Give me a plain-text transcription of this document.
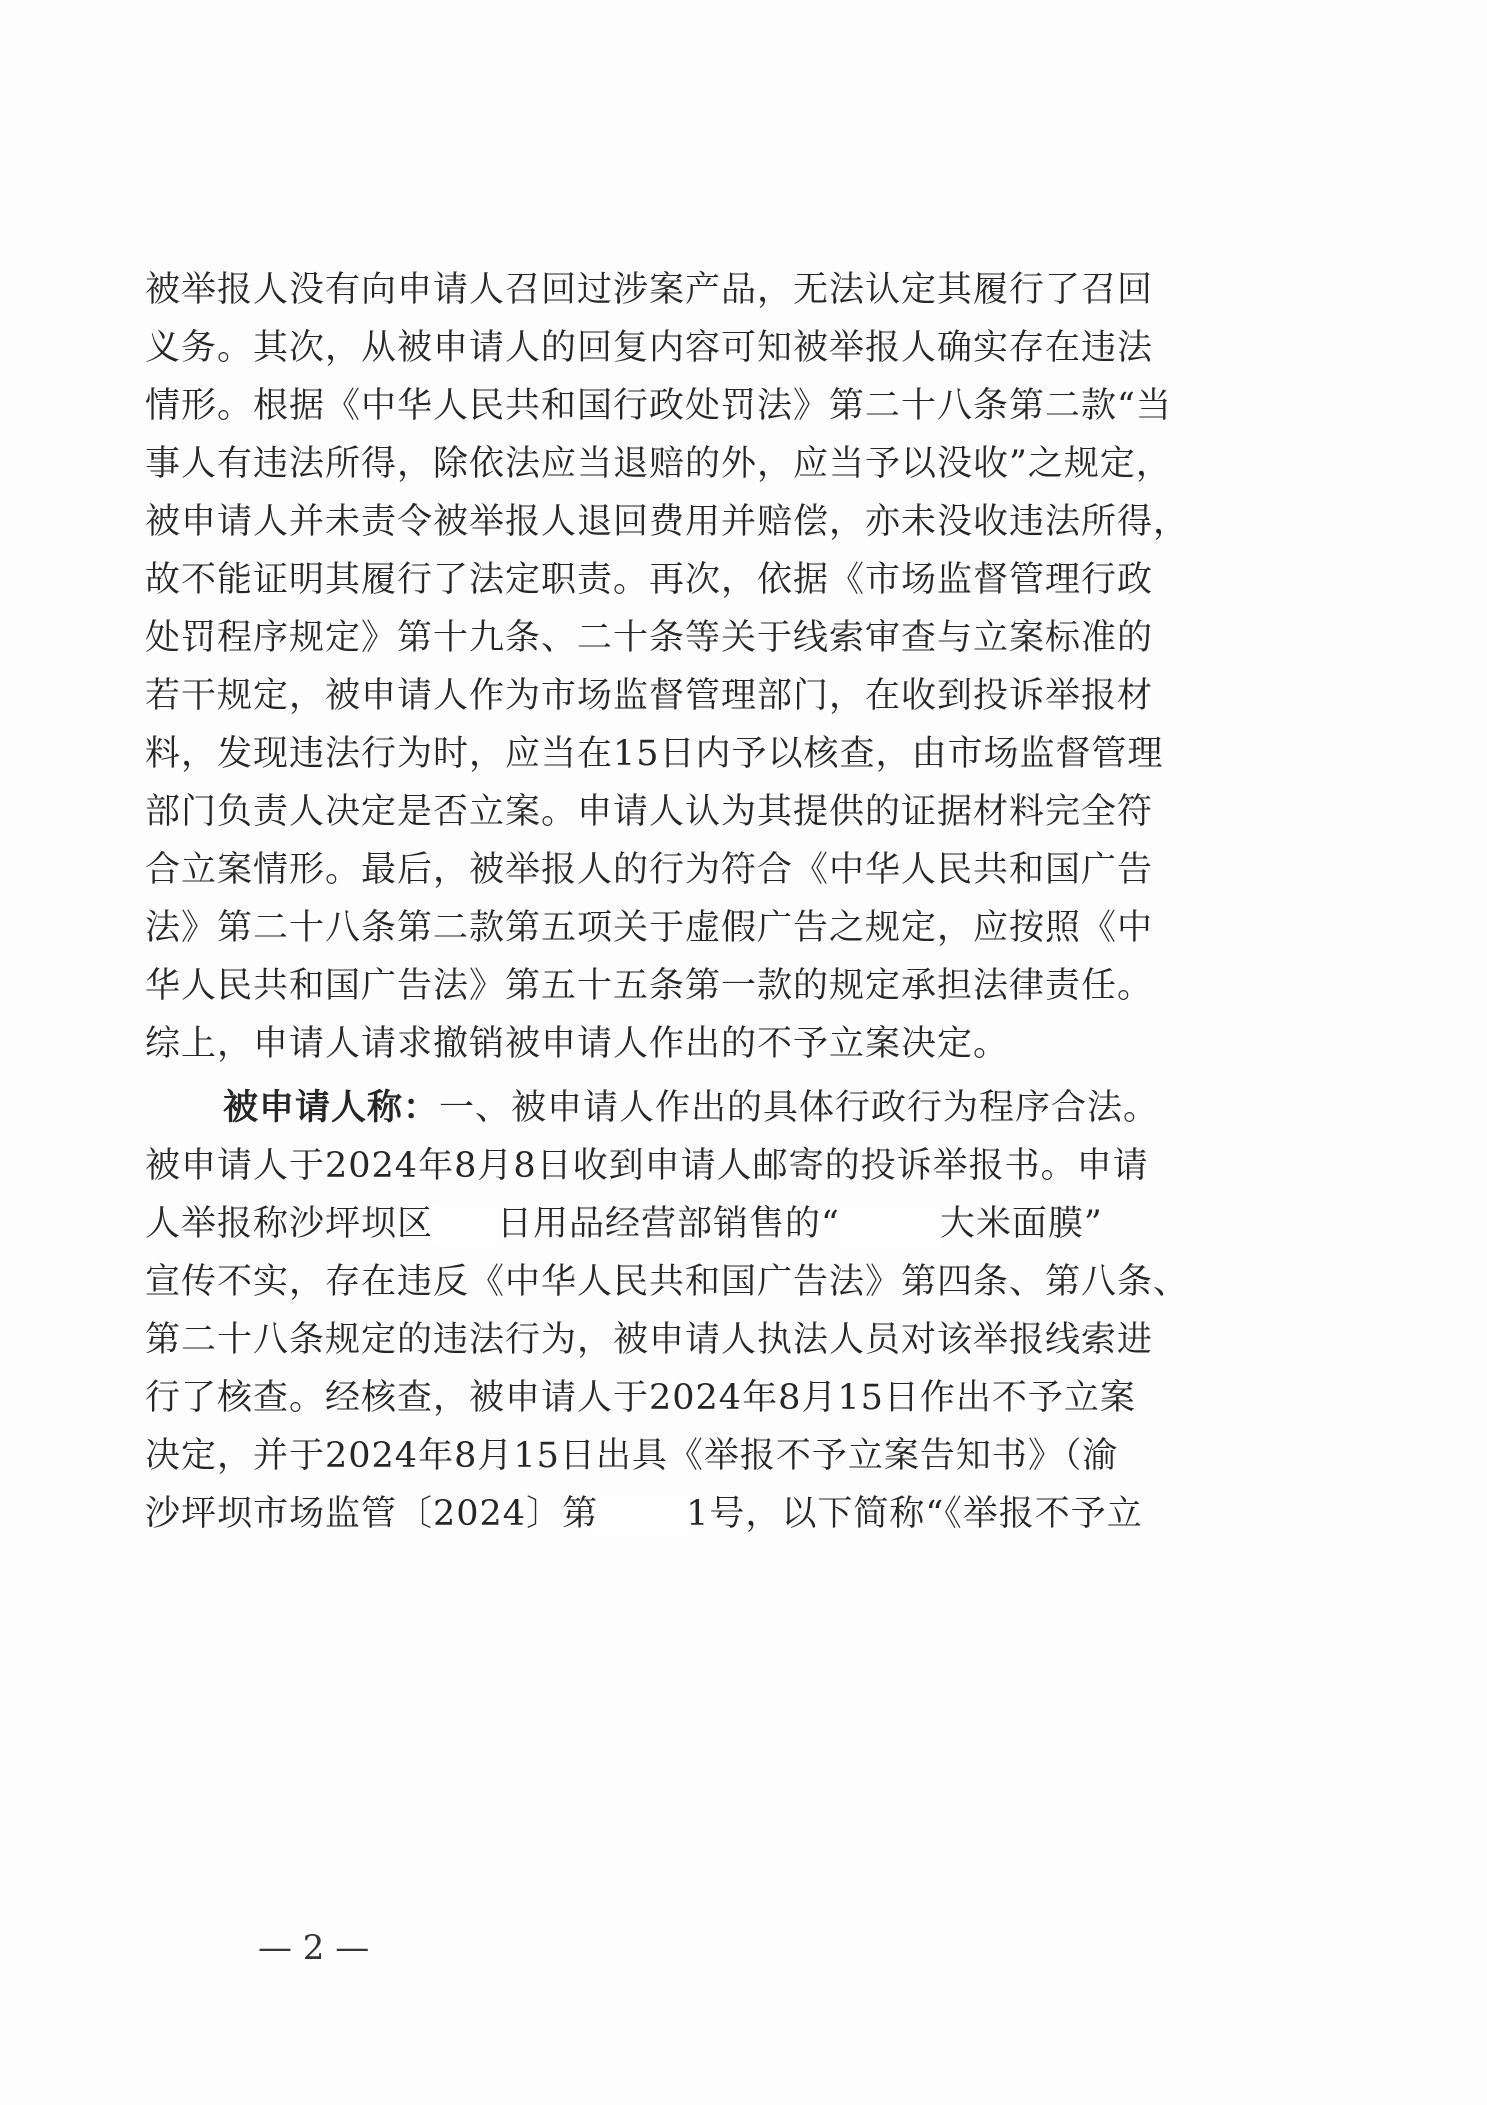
被举报人没有向申请人召回过涉案产品，无法认定其履行了召回
义务。其次，从被申请人的回复内容可知被举报人确实存在违法
情形。根据《中华人民共和国行政处罚法》第二十八条第二款“当
事人有违法所得，除依法应当退赔的外，应当予以没收”之规定，
被申请人并未责令被举报人退回费用并赔偿，亦未没收违法所得，
故不能证明其履行了法定职责。再次，依据《市场监督管理行政
处罚程序规定》第十九条、二十条等关于线索审查与立案标准的
若干规定，被申请人作为市场监督管理部门，在收到投诉举报材
料，发现违法行为时，应当在15日内予以核查，由市场监督管理
部门负责人决定是否立案。申请人认为其提供的证据材料完全符
合立案情形。最后，被举报人的行为符合《中华人民共和国广告
法》第二十八条第二款第五项关于虚假广告之规定，应按照《中
华人民共和国广告法》第五十五条第一款的规定承担法律责任。
综上，申请人请求撤销被申请人作出的不予立案决定。
被申请人称：一、被申请人作出的具体行政行为程序合法。
被申请人于2024年8月8日收到申请人邮寄的投诉举报书。申请
人举报称沙坪坝区 日用品经营部销售的“	大米面膜”
宣传不实，存在违反《中华人民共和国广告法》第四条、第八条、
第二十八条规定的违法行为，被申请人执法人员对该举报线索进
行了核查。经核查，被申请人于2024年8月15日作出不予立案
决定，并于2024年8月15日出具《举报不予立案告知书》（渝
沙坪坝市场监管〔2024〕第	1号，以下简称“《举报不予立
— 2 —
